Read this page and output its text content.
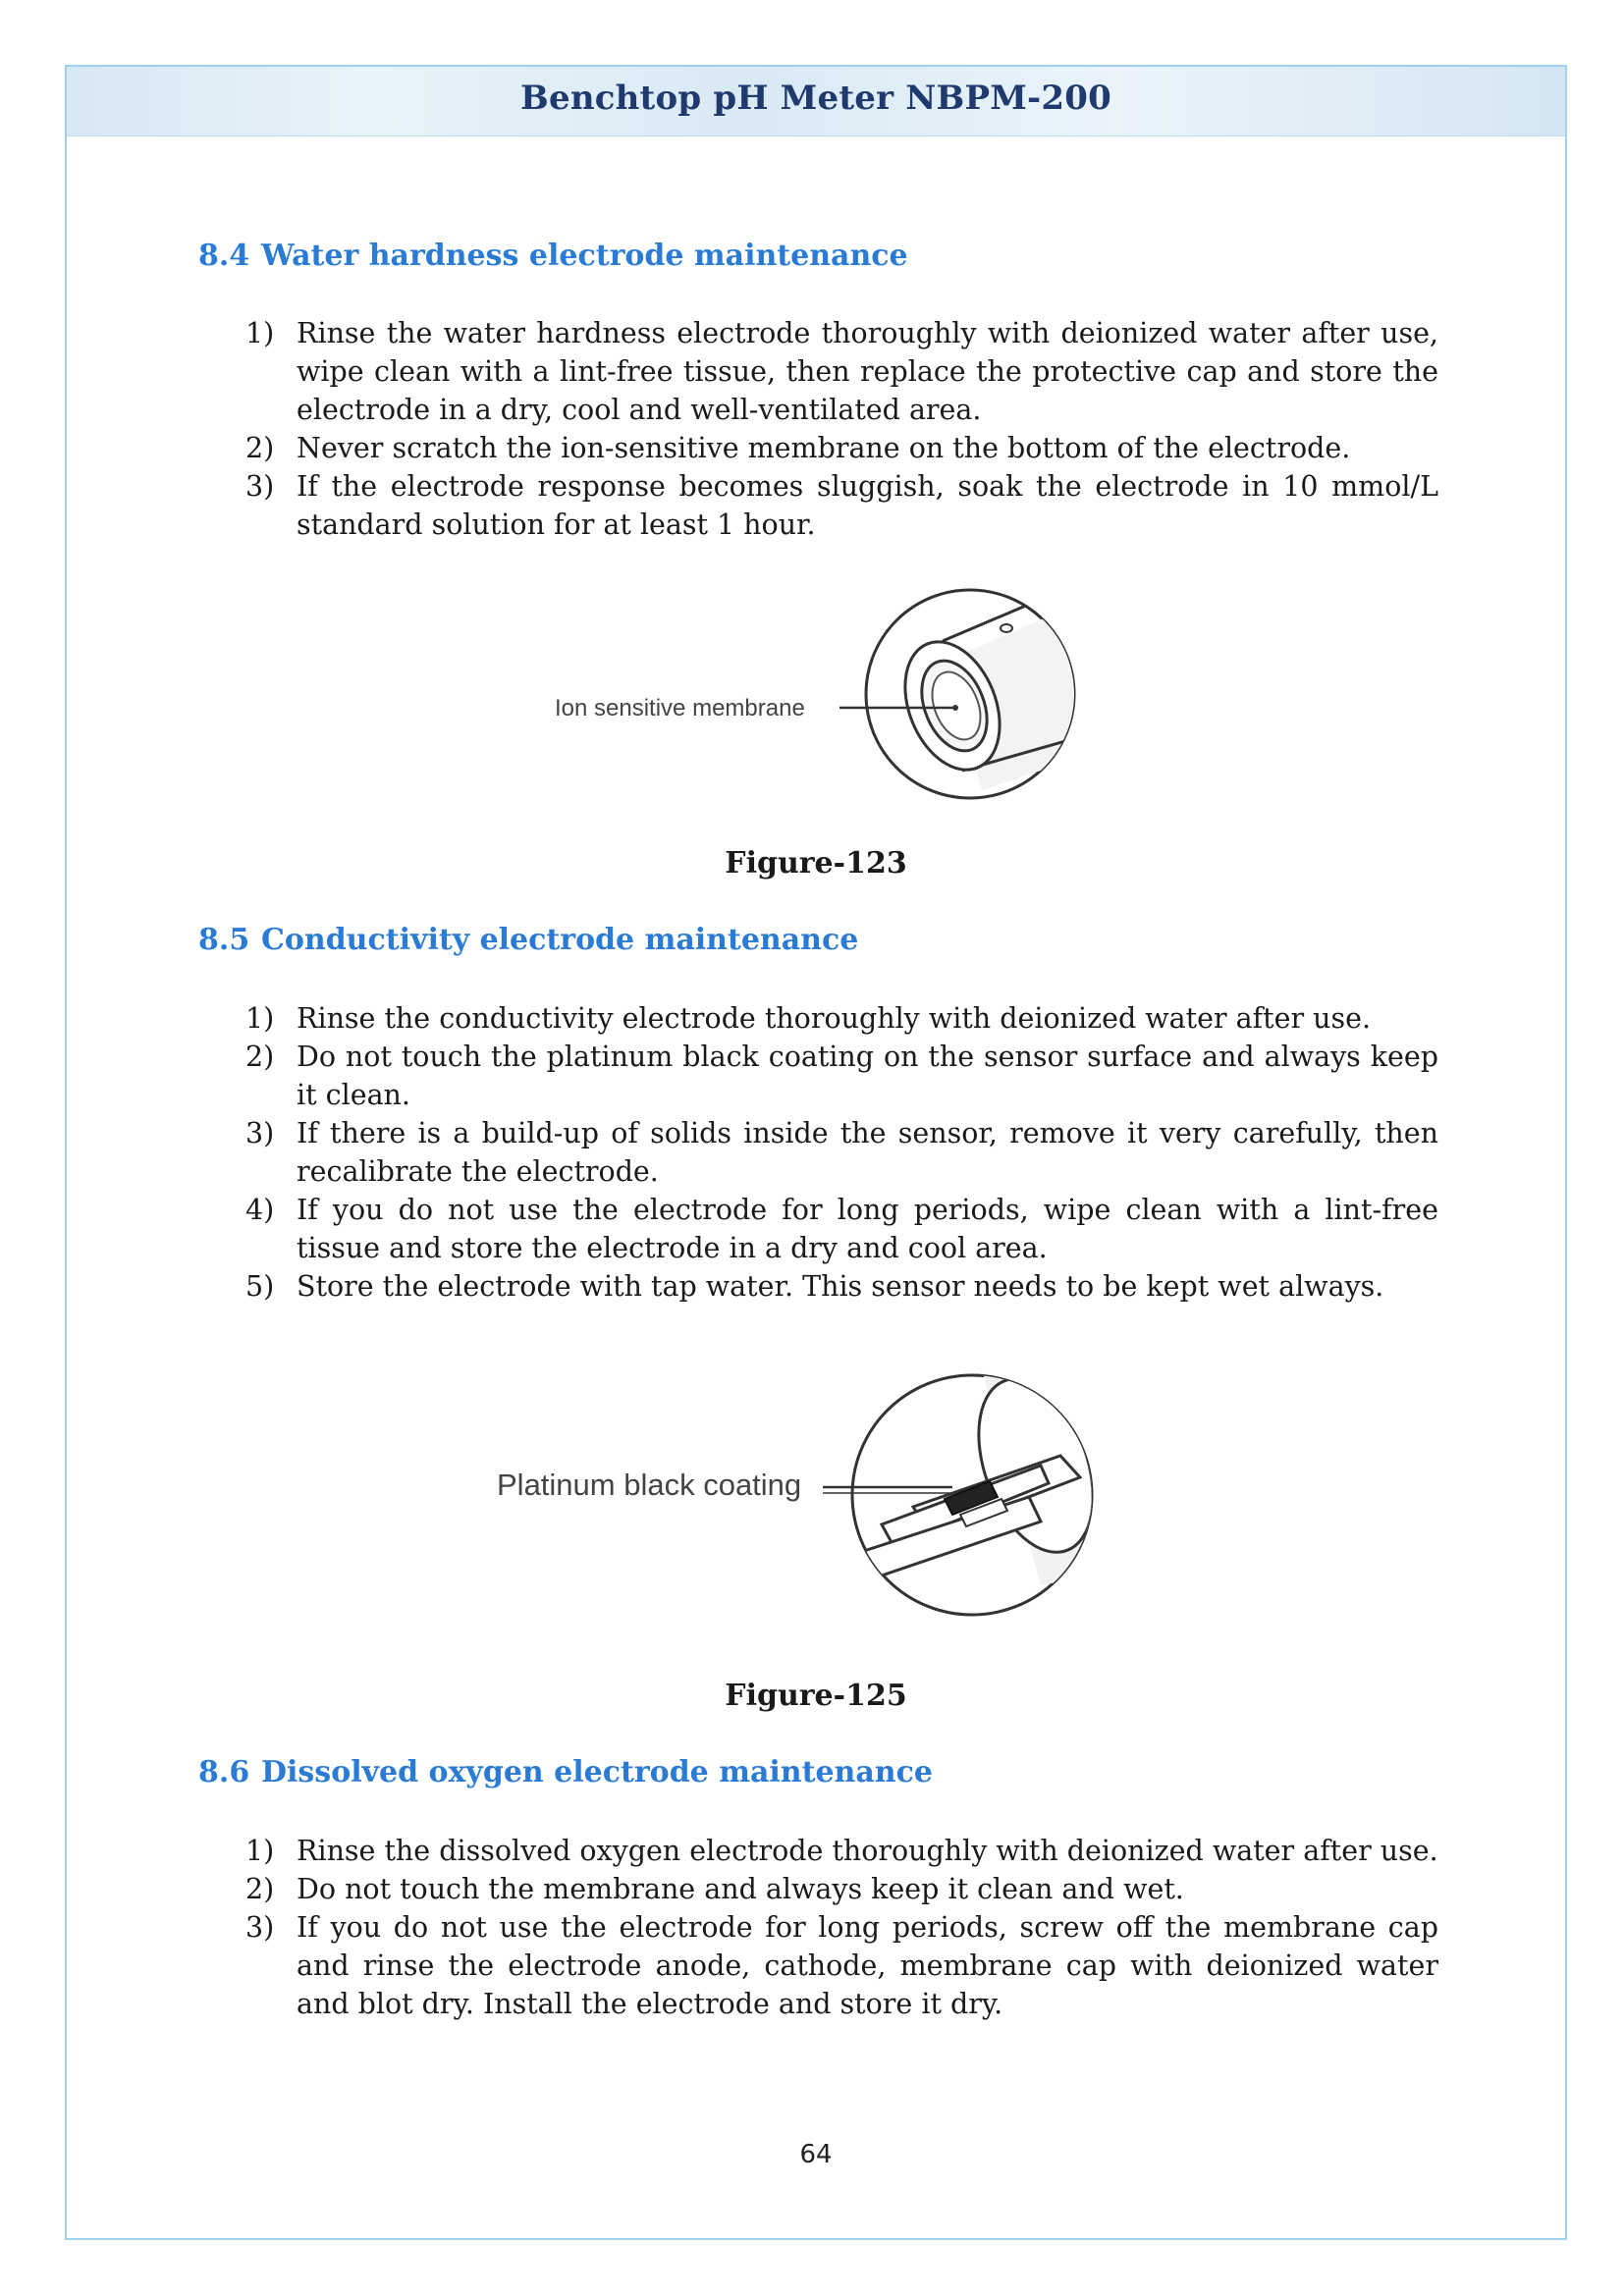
Benchtop pH Meter NBPM-200
8.4 Water hardness electrode maintenance
1) Rinse the water hardness electrode thoroughly with deionized water after use, wipe clean with a lint-free tissue, then replace the protective cap and store the electrode in a dry, cool and well-ventilated area.
2) Never scratch the ion-sensitive membrane on the bottom of the electrode.
3) If the electrode response becomes sluggish, soak the electrode in 10 mmol/L standard solution for at least 1 hour.
Ion sensitive membrane
Figure-123
8.5 Conductivity electrode maintenance
1) Rinse the conductivity electrode thoroughly with deionized water after use.
2) Do not touch the platinum black coating on the sensor surface and always keep it clean.
3) If there is a build-up of solids inside the sensor, remove it very carefully, then recalibrate the electrode.
4) If you do not use the electrode for long periods, wipe clean with a lint-free tissue and store the electrode in a dry and cool area.
5) Store the electrode with tap water. This sensor needs to be kept wet always.
Platinum black coating
Figure-125
8.6 Dissolved oxygen electrode maintenance
1) Rinse the dissolved oxygen electrode thoroughly with deionized water after use.
2) Do not touch the membrane and always keep it clean and wet.
3) If you do not use the electrode for long periods, screw off the membrane cap and rinse the electrode anode, cathode, membrane cap with deionized water and blot dry. Install the electrode and store it dry.
64
